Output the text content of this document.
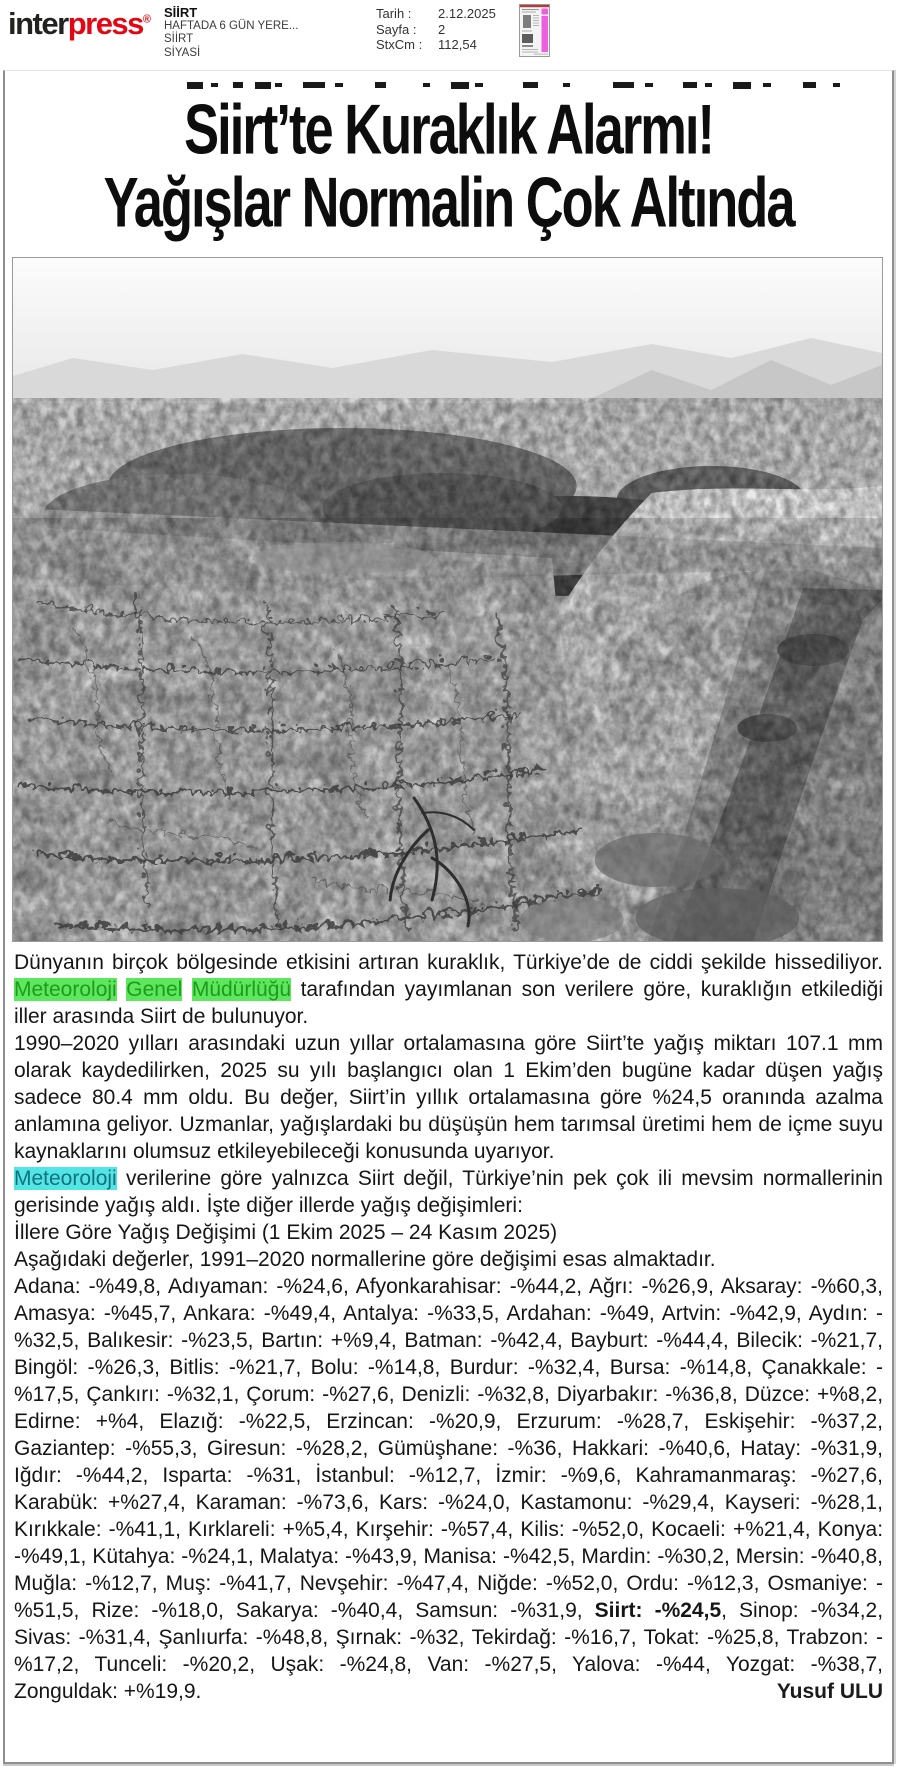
interpress® SİİRT
HAFTADA 6 GÜN YERE...
SİİRT
SİYASİ
Tarih :	2.12.2025
Sayfa :	2
StxCm :	112,54
Siirt’te Kuraklık Alarmı!
Yağışlar Normalin Çok Altında

Dünyanın birçok bölgesinde etkisini artıran kuraklık, Türkiye’de de ciddi şekilde hissediliyor. Meteoroloji Genel Müdürlüğü tarafından yayımlanan son verilere göre, kuraklığın etkilediği iller arasında Siirt de bulunuyor.

1990–2020 yılları arasındaki uzun yıllar ortalamasına göre Siirt’te yağış miktarı 107.1 mm olarak kaydedilirken, 2025 su yılı başlangıcı olan 1 Ekim’den bugüne kadar düşen yağış sadece 80.4 mm oldu. Bu değer, Siirt’in yıllık ortalamasına göre %24,5 oranında azalma anlamına geliyor. Uzmanlar, yağışlardaki bu düşüşün hem tarımsal üretimi hem de içme suyu kaynaklarını olumsuz etkileyebileceği konusunda uyarıyor.

Meteoroloji verilerine göre yalnızca Siirt değil, Türkiye’nin pek çok ili mevsim normallerinin gerisinde yağış aldı. İşte diğer illerde yağış değişimleri:

İllere Göre Yağış Değişimi (1 Ekim 2025 – 24 Kasım 2025)

Aşağıdaki değerler, 1991–2020 normallerine göre değişimi esas almaktadır.

Adana: -%49,8, Adıyaman: -%24,6, Afyonkarahisar: -%44,2, Ağrı: -%26,9, Aksaray: -%60,3, Amasya: -%45,7, Ankara: -%49,4, Antalya: -%33,5, Ardahan: -%49, Artvin: -%42,9, Aydın: -%32,5, Balıkesir: -%23,5, Bartın: +%9,4, Batman: -%42,4, Bayburt: -%44,4, Bilecik: -%21,7, Bingöl: -%26,3, Bitlis: -%21,7, Bolu: -%14,8, Burdur: -%32,4, Bursa: -%14,8, Çanakkale: -%17,5, Çankırı: -%32,1, Çorum: -%27,6, Denizli: -%32,8, Diyarbakır: -%36,8, Düzce: +%8,2, Edirne: +%4, Elazığ: -%22,5, Erzincan: -%20,9, Erzurum: -%28,7, Eskişehir: -%37,2, Gaziantep: -%55,3, Giresun: -%28,2, Gümüşhane: -%36, Hakkari: -%40,6, Hatay: -%31,9, Iğdır: -%44,2, Isparta: -%31, İstanbul: -%12,7, İzmir: -%9,6, Kahramanmaraş: -%27,6, Karabük: +%27,4, Karaman: -%73,6, Kars: -%24,0, Kastamonu: -%29,4, Kayseri: -%28,1, Kırıkkale: -%41,1, Kırklareli: +%5,4, Kırşehir: -%57,4, Kilis: -%52,0, Kocaeli: +%21,4, Konya: -%49,1, Kütahya: -%24,1, Malatya: -%43,9, Manisa: -%42,5, Mardin: -%30,2, Mersin: -%40,8, Muğla: -%12,7, Muş: -%41,7, Nevşehir: -%47,4, Niğde: -%52,0, Ordu: -%12,3, Osmaniye: -%51,5, Rize: -%18,0, Sakarya: -%40,4, Samsun: -%31,9, Siirt: -%24,5, Sinop: -%34,2, Sivas: -%31,4, Şanlıurfa: -%48,8, Şırnak: -%32, Tekirdağ: -%16,7, Tokat: -%25,8, Trabzon: -%17,2, Tunceli: -%20,2, Uşak: -%24,8, Van: -%27,5, Yalova: -%44, Yozgat: -%38,7, Zonguldak: +%19,9.	Yusuf ULU
